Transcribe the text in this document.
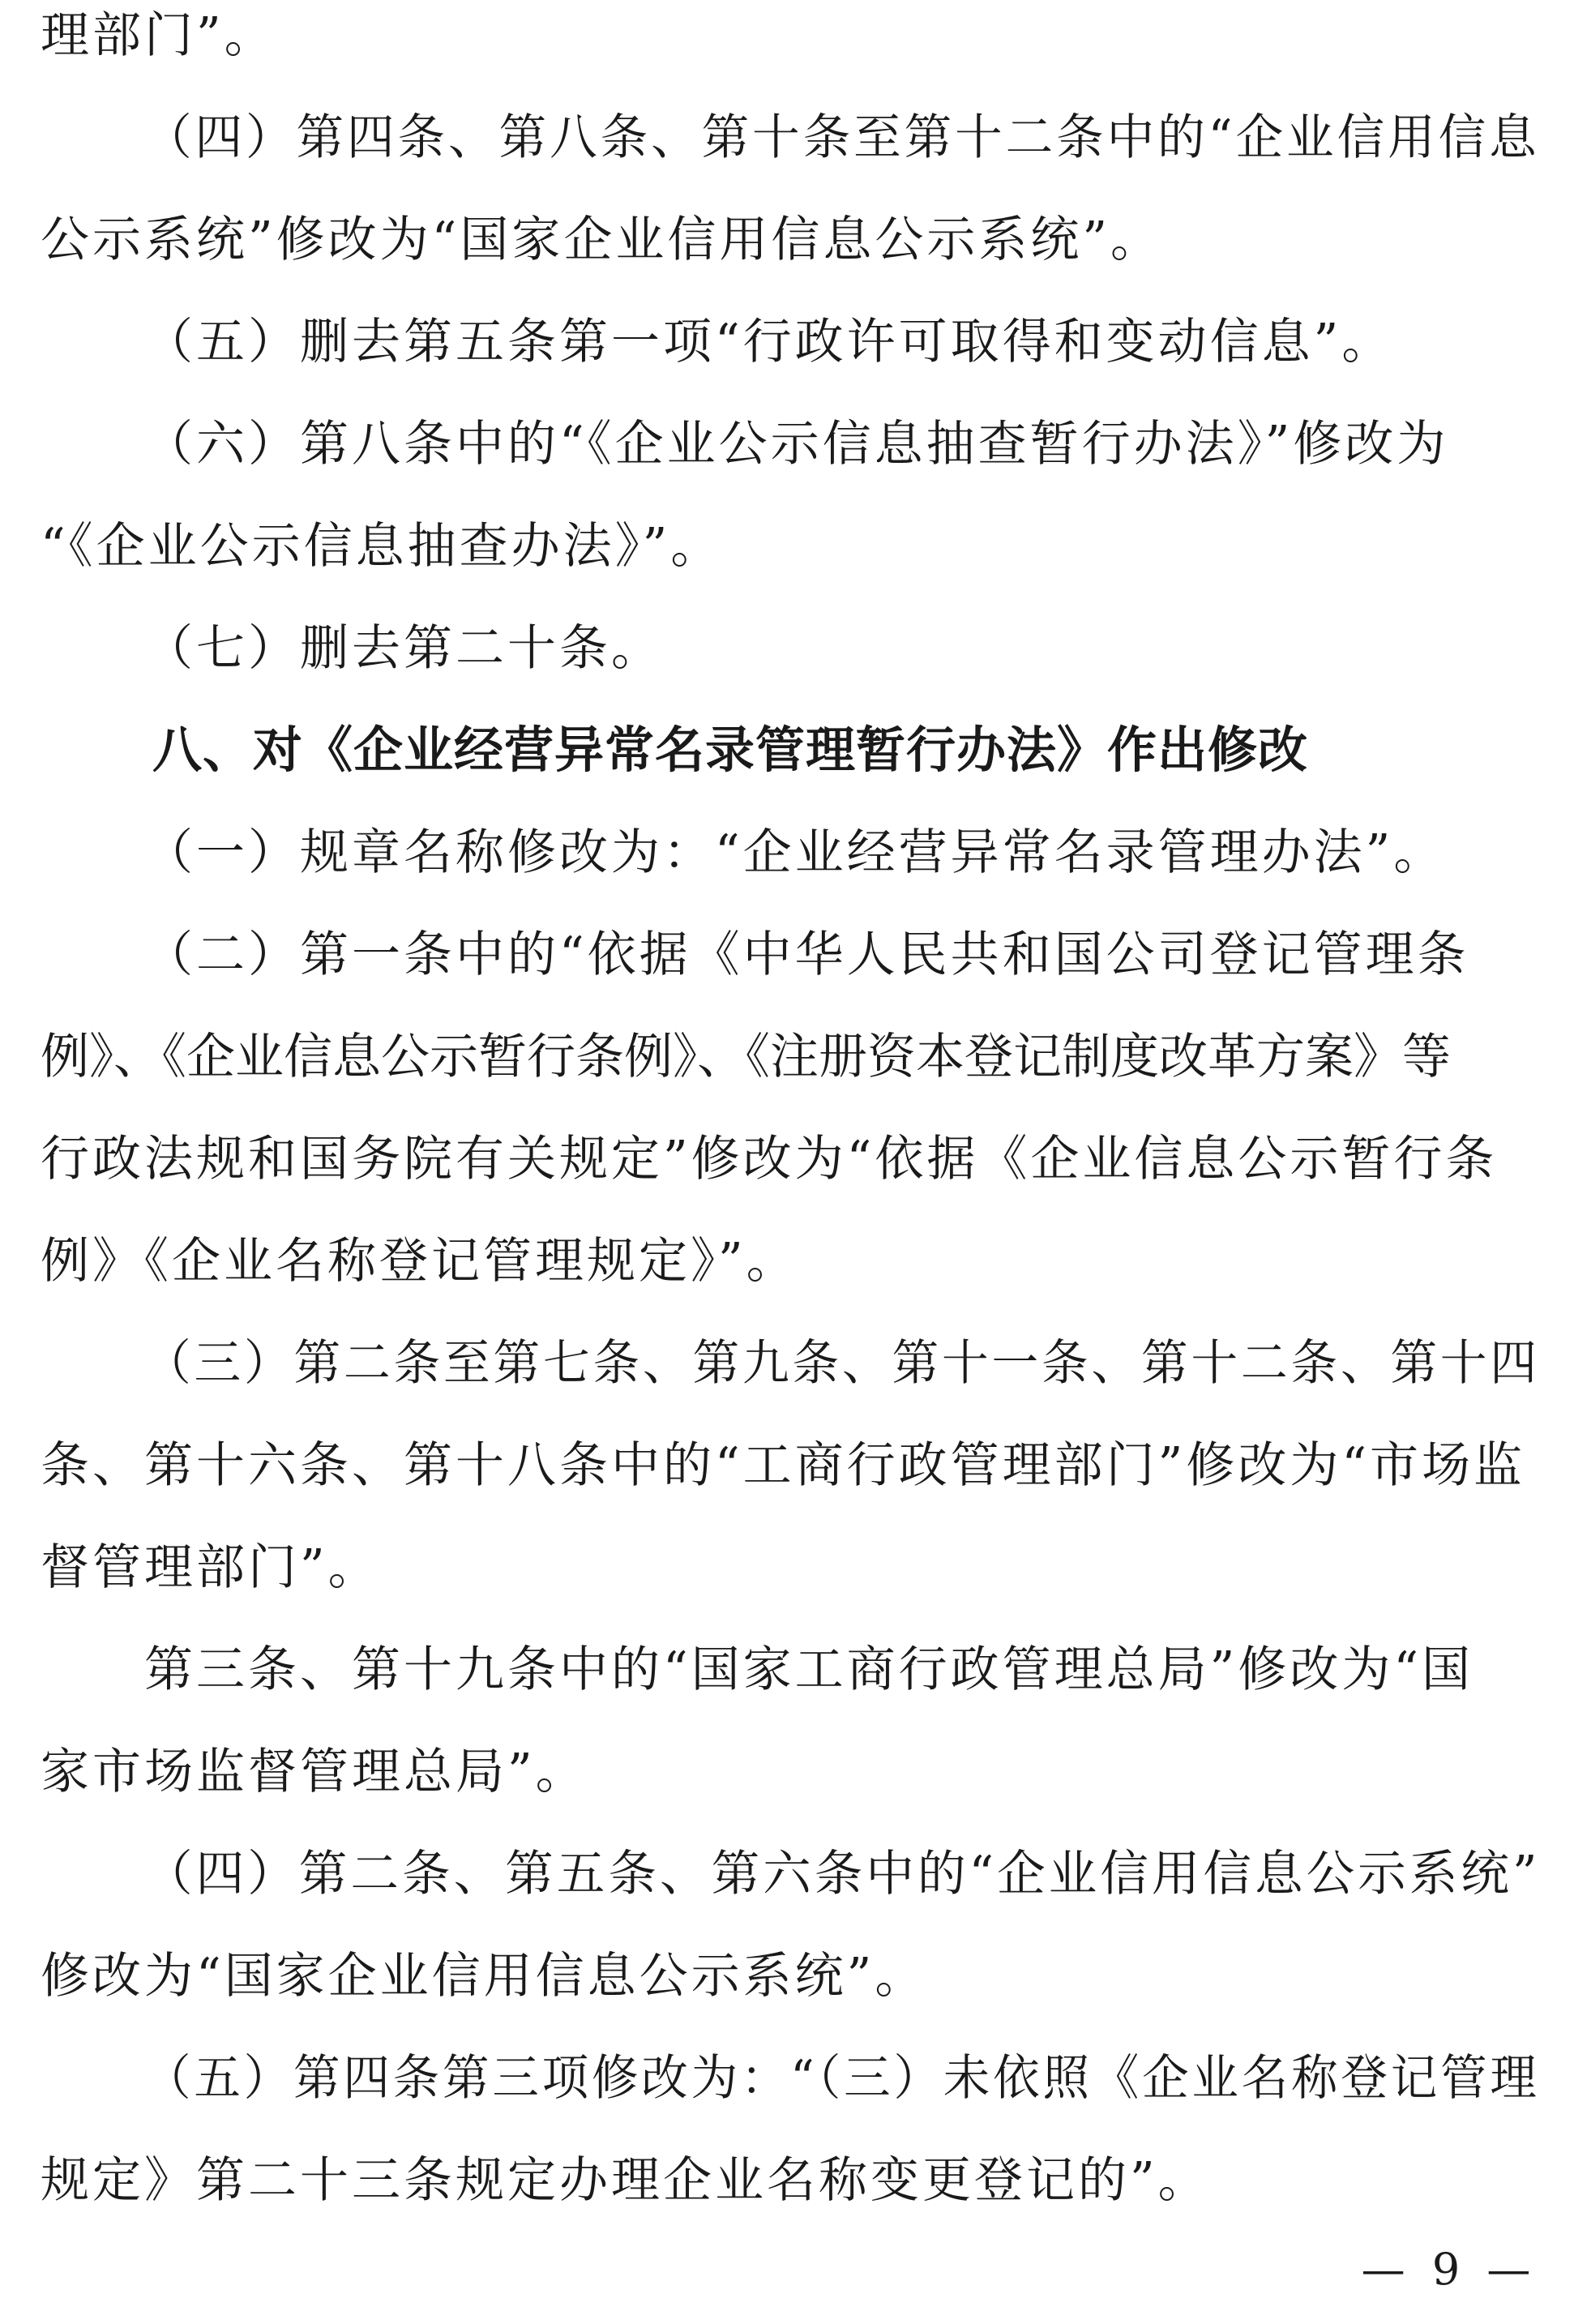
理部门”。
（四）第四条、第八条、第十条至第十二条中的“企业信用信息
公示系统”修改为“国家企业信用信息公示系统”。
（五）删去第五条第一项“行政许可取得和变动信息”。
（六）第八条中的“《企业公示信息抽查暂行办法》”修改为
“《企业公示信息抽查办法》”。
（七）删去第二十条。
八、对《企业经营异常名录管理暂行办法》作出修改
（一）规章名称修改为：“企业经营异常名录管理办法”。
（二）第一条中的“依据《中华人民共和国公司登记管理条
例》、《企业信息公示暂行条例》、《注册资本登记制度改革方案》等
行政法规和国务院有关规定”修改为“依据《企业信息公示暂行条
例》《企业名称登记管理规定》”。
（三）第二条至第七条、第九条、第十一条、第十二条、第十四
条、第十六条、第十八条中的“工商行政管理部门”修改为“市场监
督管理部门”。
第三条、第十九条中的“国家工商行政管理总局”修改为“国
家市场监督管理总局”。
（四）第二条、第五条、第六条中的“企业信用信息公示系统”
修改为“国家企业信用信息公示系统”。
（五）第四条第三项修改为：“（三）未依照《企业名称登记管理
规定》第二十三条规定办理企业名称变更登记的”。
— 9 —
